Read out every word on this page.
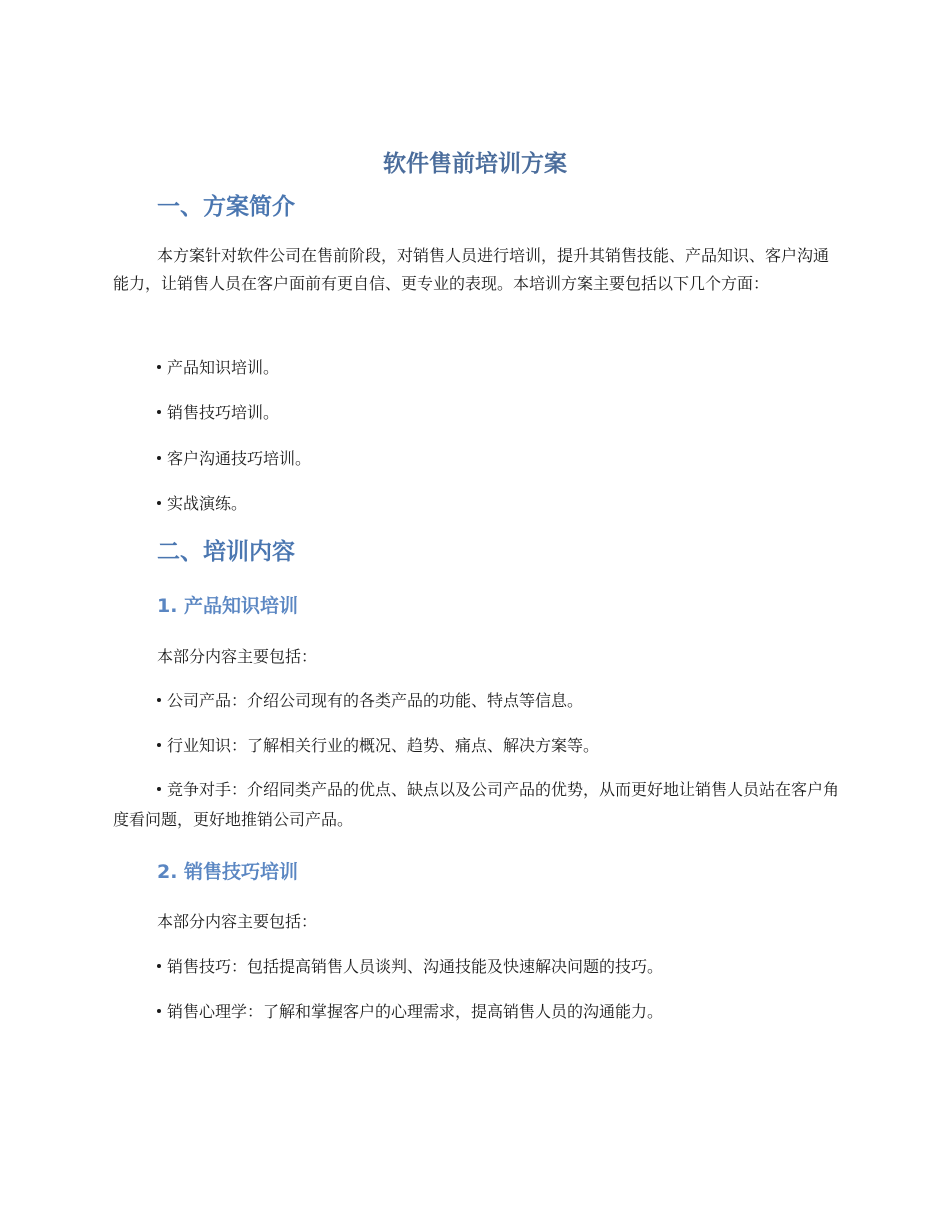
软件售前培训方案
一、方案简介

本方案针对软件公司在售前阶段，对销售人员进行培训，提升其销售技能、产品知识、客户沟通能力，让销售人员在客户面前有更自信、更专业的表现。本培训方案主要包括以下几个方面：

产品知识培训。
销售技巧培训。
客户沟通技巧培训。
实战演练。
二、培训内容
1. 产品知识培训
本部分内容主要包括：
公司产品：介绍公司现有的各类产品的功能、特点等信息。
行业知识：了解相关行业的概况、趋势、痛点、解决方案等。

竞争对手：介绍同类产品的优点、缺点以及公司产品的优势，从而更好地让销售人员站在客户角度看问题，更好地推销公司产品。

2. 销售技巧培训
本部分内容主要包括：
销售技巧：包括提高销售人员谈判、沟通技能及快速解决问题的技巧。
销售心理学：了解和掌握客户的心理需求，提高销售人员的沟通能力。
